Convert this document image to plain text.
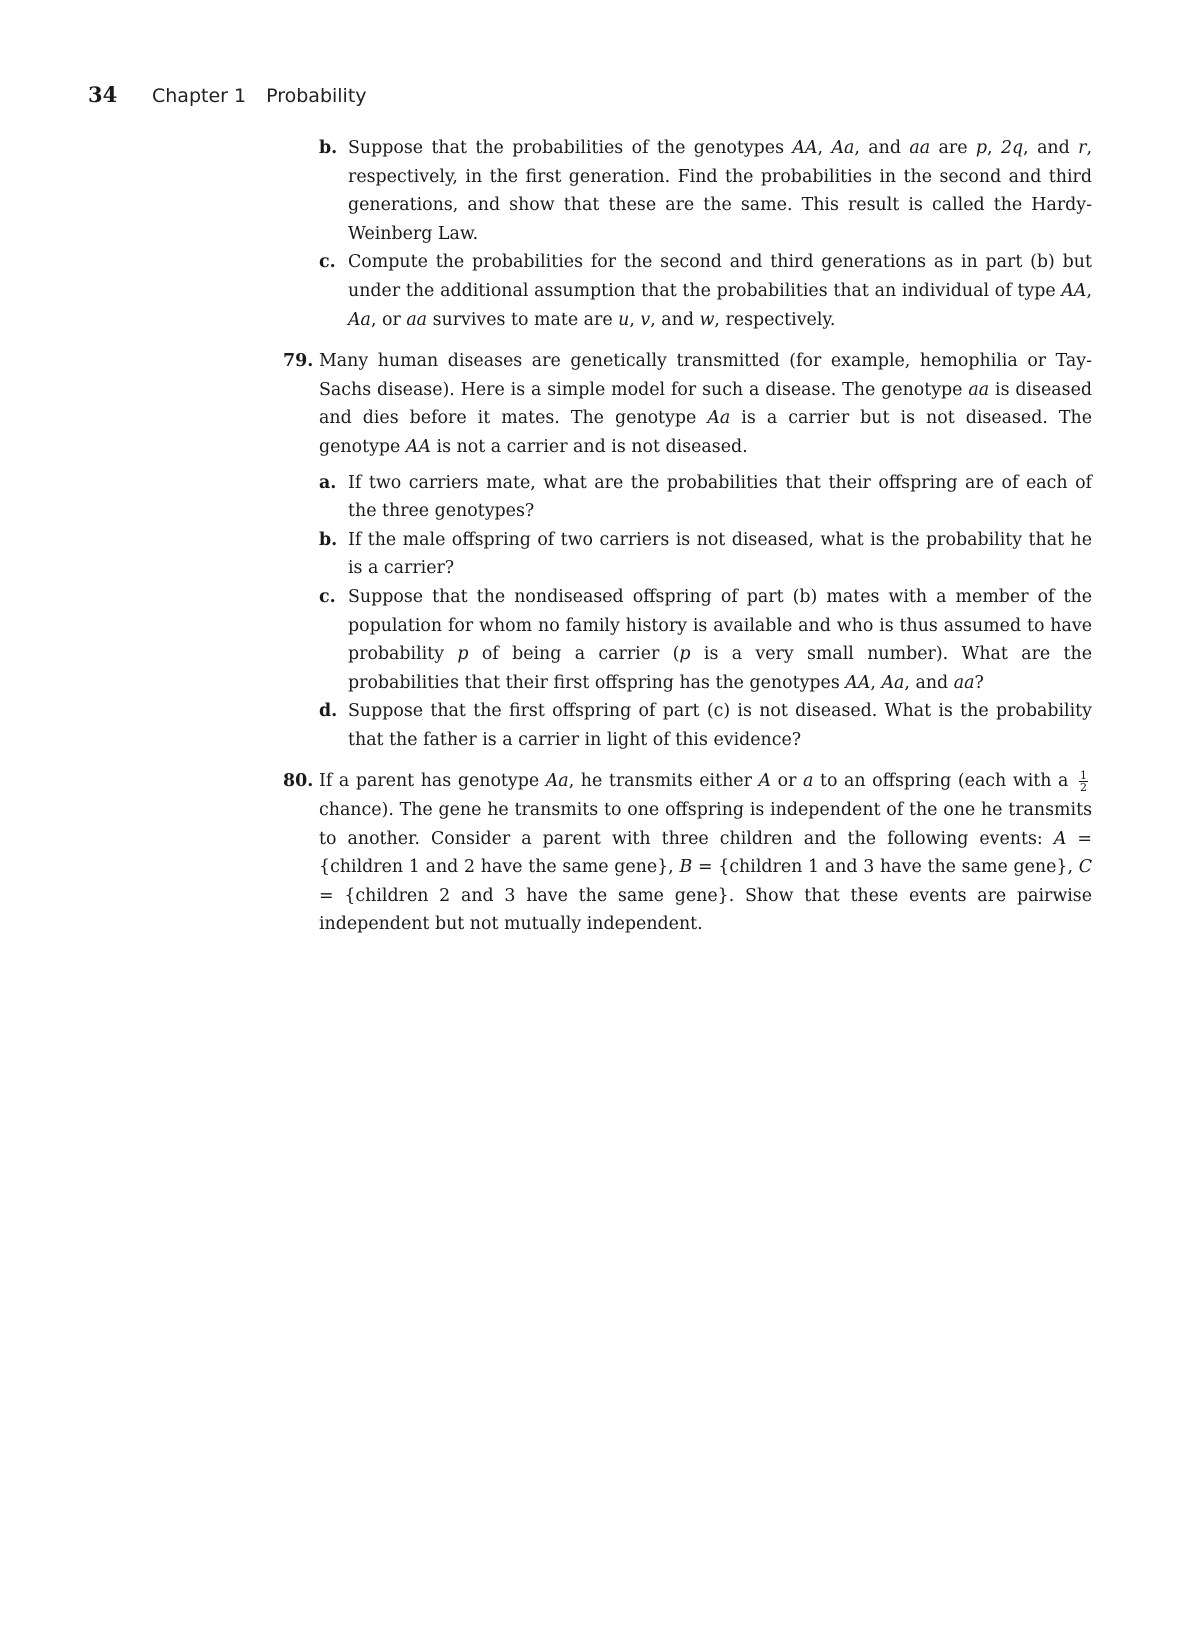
34	Chapter 1 Probability
b. Suppose that the probabilities of the genotypes AA, Aa, and aa are p, 2q, and r, respectively, in the first generation. Find the probabilities in the second and third generations, and show that these are the same. This result is called the Hardy-Weinberg Law.
c. Compute the probabilities for the second and third generations as in part (b) but under the additional assumption that the probabilities that an individual of type AA, Aa, or aa survives to mate are u, v, and w, respectively.
79. Many human diseases are genetically transmitted (for example, hemophilia or Tay-Sachs disease). Here is a simple model for such a disease. The genotype aa is diseased and dies before it mates. The genotype Aa is a carrier but is not diseased. The genotype AA is not a carrier and is not diseased.
a. If two carriers mate, what are the probabilities that their offspring are of each of the three genotypes?
b. If the male offspring of two carriers is not diseased, what is the probability that he is a carrier?
c. Suppose that the nondiseased offspring of part (b) mates with a member of the population for whom no family history is available and who is thus assumed to have probability p of being a carrier (p is a very small number). What are the probabilities that their first offspring has the genotypes AA, Aa, and aa?
d. Suppose that the first offspring of part (c) is not diseased. What is the probability that the father is a carrier in light of this evidence?
80. If a parent has genotype Aa, he transmits either A or a to an offspring (each with a $\frac{1}{2}$
chance). The gene he transmits to one offspring is independent of the one he transmits to another. Consider a parent with three children and the following events: A = {children 1 and 2 have the same gene}, B = {children 1 and 3 have the same gene}, C = {children 2 and 3 have the same gene}. Show that these events are pairwise independent but not mutually independent.
